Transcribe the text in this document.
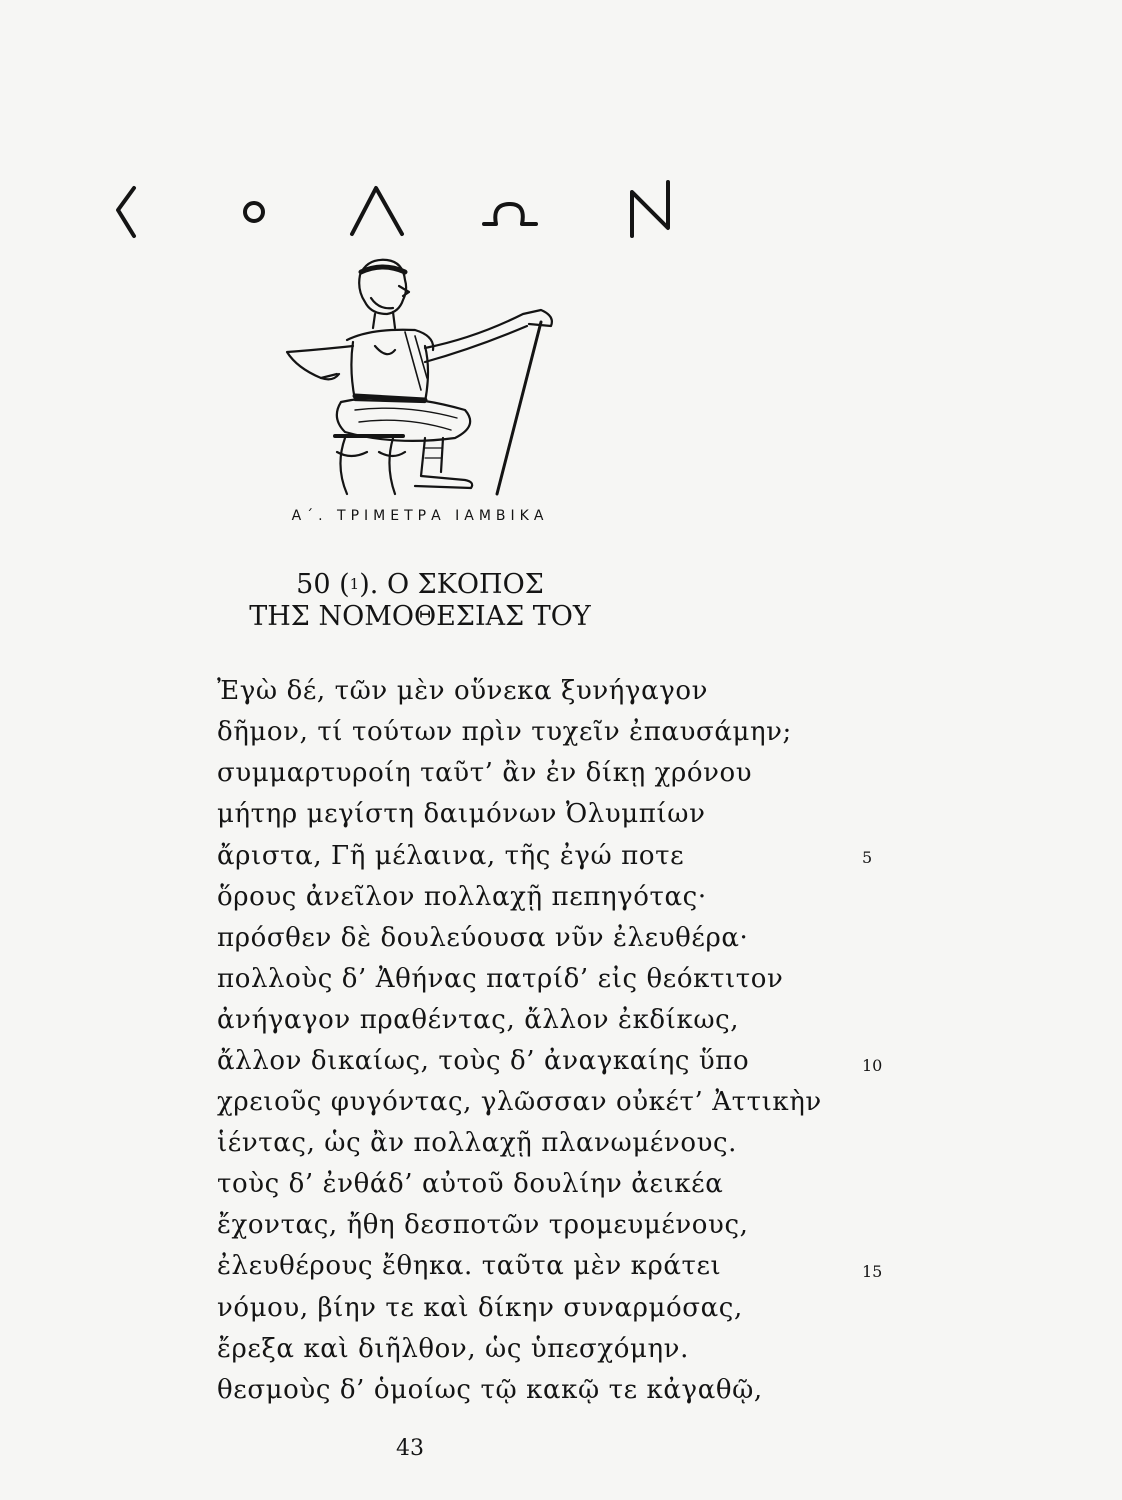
Α΄. ΤΡΙΜΕΤΡΑ ΙΑΜΒΙΚΑ
50 (1). Ο ΣΚΟΠΟΣ
ΤΗΣ ΝΟΜΟΘΕΣΙΑΣ ΤΟΥ
Ἐγὼ δέ, τῶν μὲν οὕνεκα ξυνήγαγον
δῆμον, τί τούτων πρὶν τυχεῖν ἐπαυσάμην;
συμμαρτυροίη ταῦτ’ ἂν ἐν δίκῃ χρόνου
μήτηρ μεγίστη δαιμόνων Ὀλυμπίων
ἄριστα, Γῆ μέλαινα, τῆς ἐγώ ποτε
ὅρους ἀνεῖλον πολλαχῇ πεπηγότας·
πρόσθεν δὲ δουλεύουσα νῦν ἐλευθέρα·
πολλοὺς δ’ Ἀθήνας πατρίδ’ εἰς θεόκτιτον
ἀνήγαγον πραθέντας, ἄλλον ἐκδίκως,
ἄλλον δικαίως, τοὺς δ’ ἀναγκαίης ὕπο
χρειοῦς φυγόντας, γλῶσσαν οὐκέτ’ Ἀττικὴν
ἱέντας, ὡς ἂν πολλαχῇ πλανωμένους.
τοὺς δ’ ἐνθάδ’ αὐτοῦ δουλίην ἀεικέα
ἔχοντας, ἤθη δεσποτῶν τρομευμένους,
ἐλευθέρους ἔθηκα. ταῦτα μὲν κράτει
νόμου, βίην τε καὶ δίκην συναρμόσας,
ἔρεξα καὶ διῆλθον, ὡς ὑπεσχόμην.
θεσμοὺς δ’ ὁμοίως τῷ κακῷ τε κἀγαθῷ,
5
10
15
43
